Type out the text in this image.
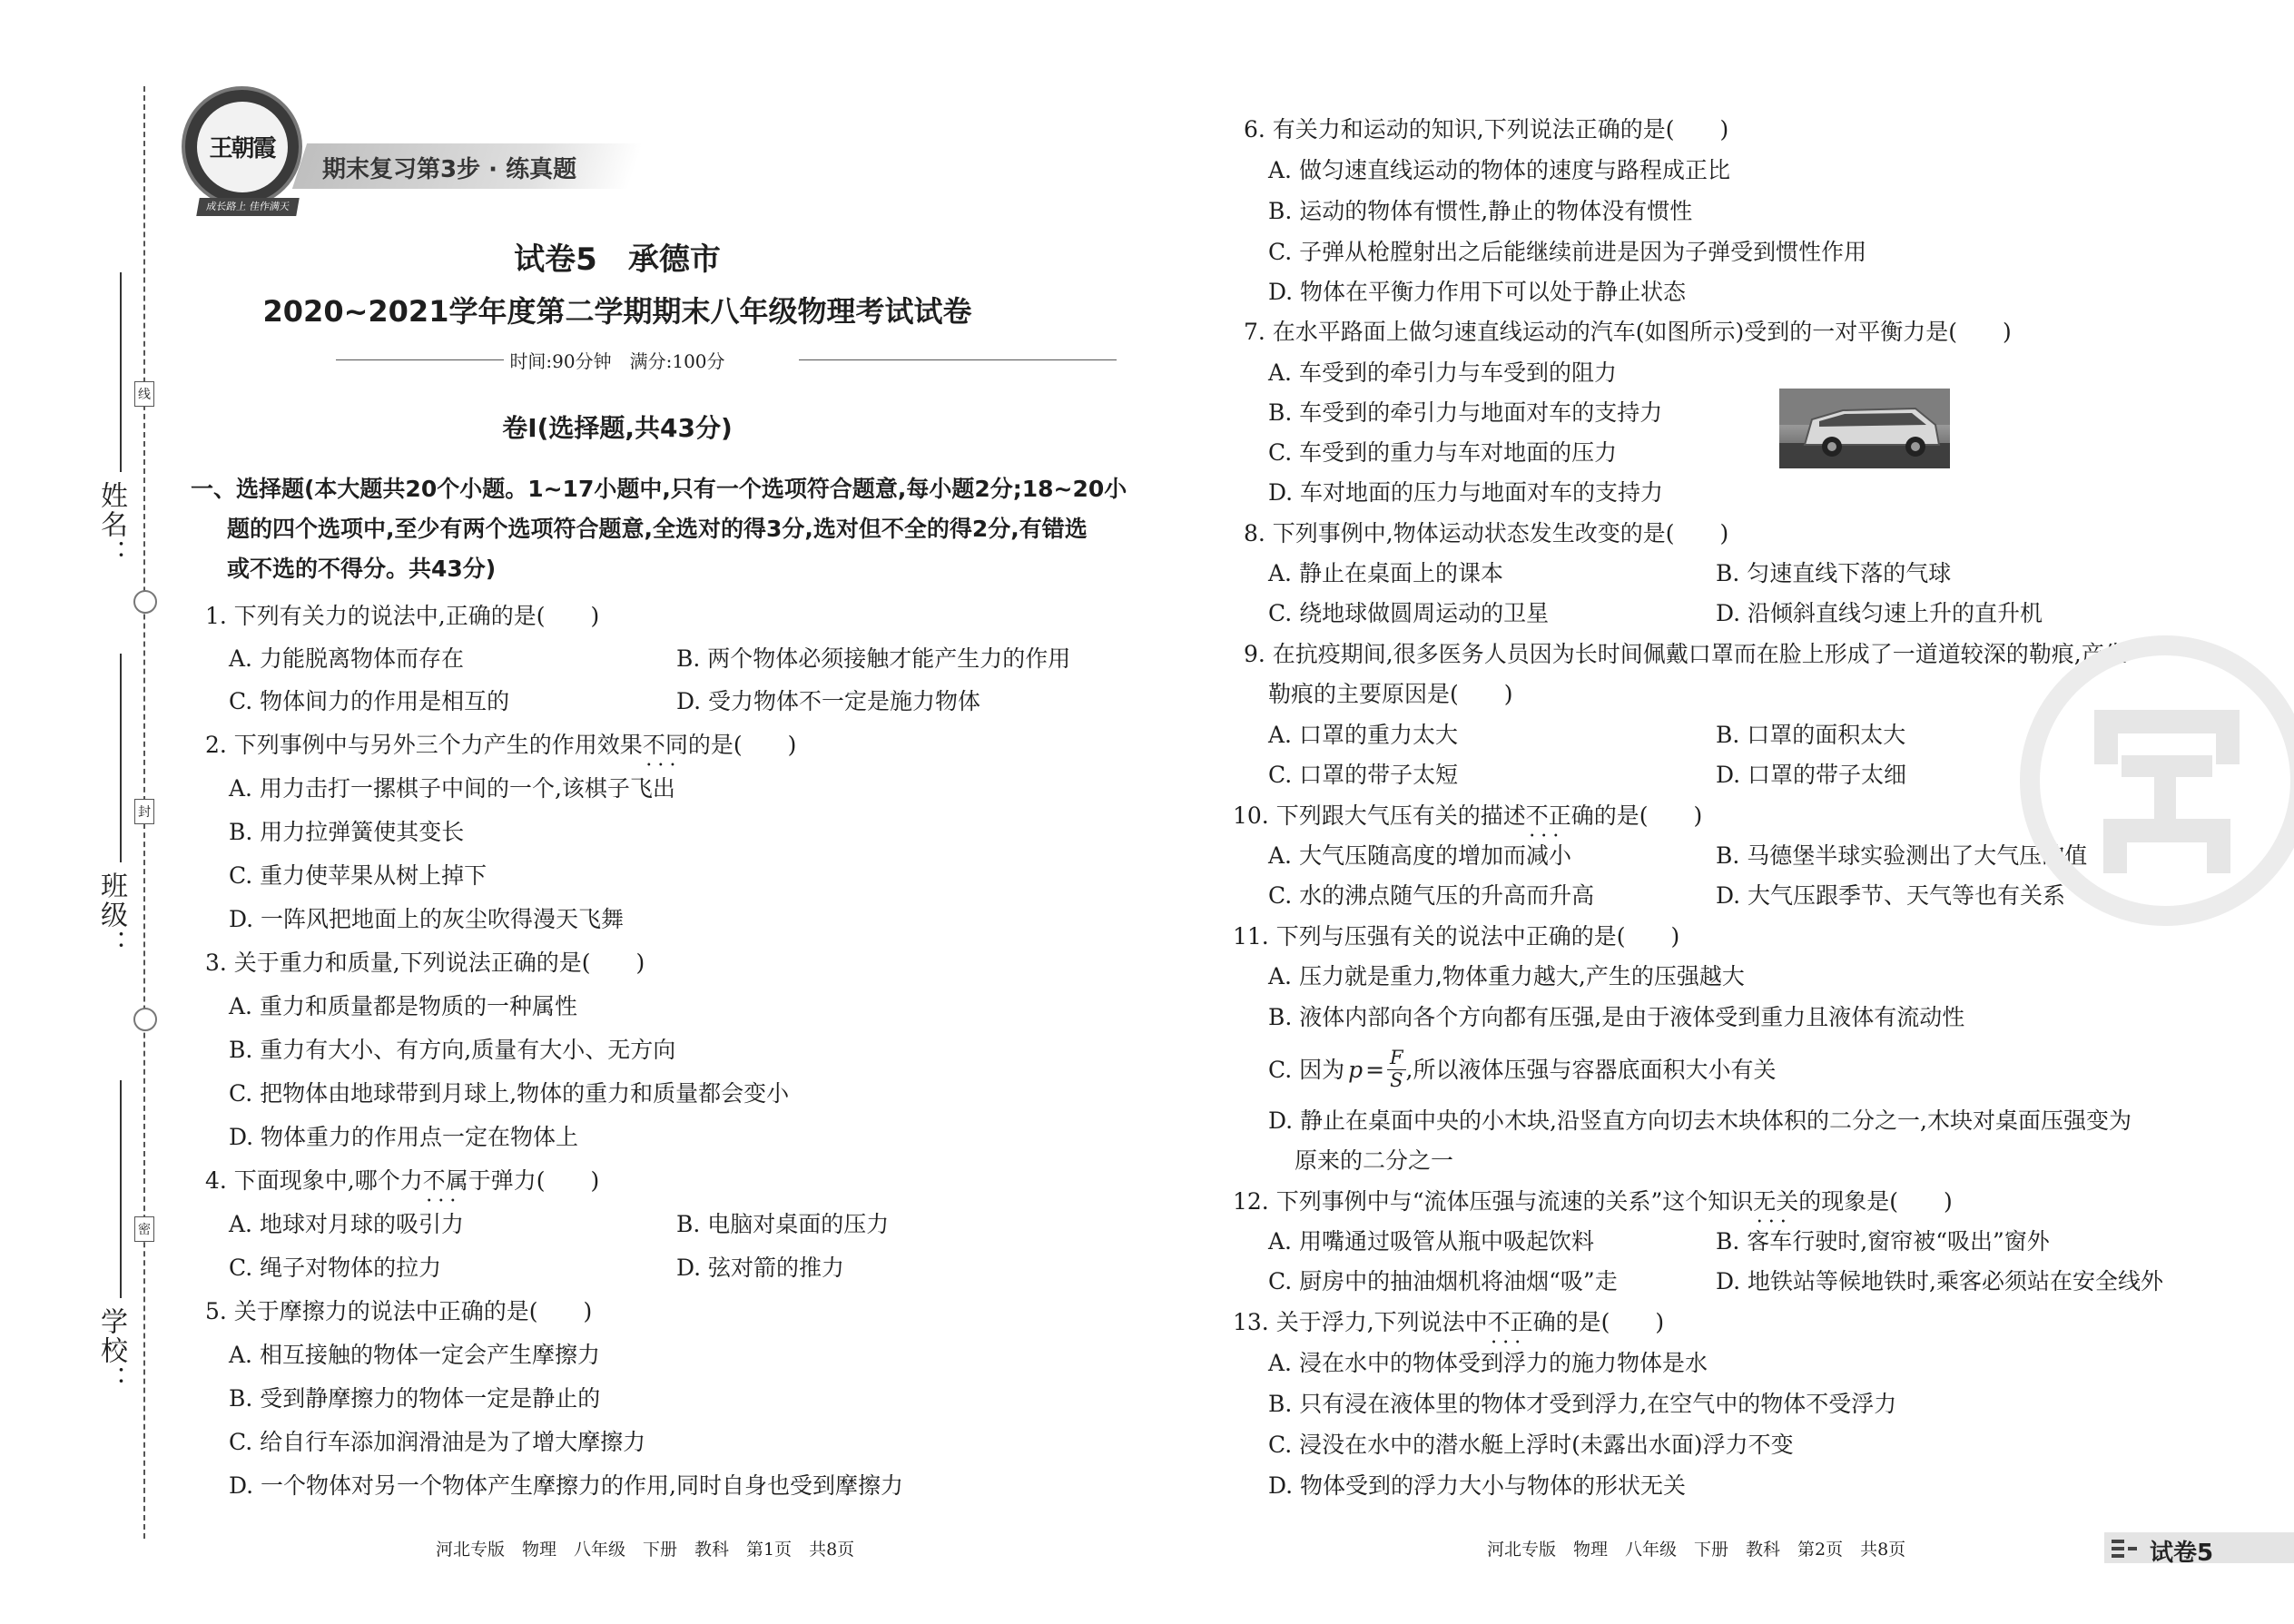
线
封
密
姓名：
班级：
学校：
王朝霞
成长路上 佳作满天
期末复习第3步 · 练真题
试卷5　承德市
2020~2021学年度第二学期期末八年级物理考试试卷
时间:90分钟　满分:100分
卷Ⅰ(选择题,共43分)
一、选择题(本大题共20个小题。1~17小题中,只有一个选项符合题意,每小题2分;18~20小
题的四个选项中,至少有两个选项符合题意,全选对的得3分,选对但不全的得2分,有错选
或不选的不得分。共43分)
1. 下列有关力的说法中,正确的是(　　)
A. 力能脱离物体而存在	B. 两个物体必须接触才能产生力的作用
C. 物体间力的作用是相互的	D. 受力物体不一定是施力物体
2. 下列事例中与另外三个力产生的作用效果不同 • • •的是(　　)
A. 用力击打一摞棋子中间的一个,该棋子飞出
B. 用力拉弹簧使其变长
C. 重力使苹果从树上掉下
D. 一阵风把地面上的灰尘吹得漫天飞舞
3. 关于重力和质量,下列说法正确的是(　　)
A. 重力和质量都是物质的一种属性
B. 重力有大小、有方向,质量有大小、无方向
C. 把物体由地球带到月球上,物体的重力和质量都会变小
D. 物体重力的作用点一定在物体上
4. 下面现象中,哪个力不属于 • • •弹力(　　)
A. 地球对月球的吸引力	B. 电脑对桌面的压力
C. 绳子对物体的拉力	D. 弦对箭的推力
5. 关于摩擦力的说法中正确的是(　　)
A. 相互接触的物体一定会产生摩擦力
B. 受到静摩擦力的物体一定是静止的
C. 给自行车添加润滑油是为了增大摩擦力
D. 一个物体对另一个物体产生摩擦力的作用,同时自身也受到摩擦力
6. 有关力和运动的知识,下列说法正确的是(　　)
A. 做匀速直线运动的物体的速度与路程成正比
B. 运动的物体有惯性,静止的物体没有惯性
C. 子弹从枪膛射出之后能继续前进是因为子弹受到惯性作用
D. 物体在平衡力作用下可以处于静止状态
7. 在水平路面上做匀速直线运动的汽车(如图所示)受到的一对平衡力是(　　)
A. 车受到的牵引力与车受到的阻力
B. 车受到的牵引力与地面对车的支持力
C. 车受到的重力与车对地面的压力
D. 车对地面的压力与地面对车的支持力
8. 下列事例中,物体运动状态发生改变的是(　　)
A. 静止在桌面上的课本	B. 匀速直线下落的气球
C. 绕地球做圆周运动的卫星	D. 沿倾斜直线匀速上升的直升机
9. 在抗疫期间,很多医务人员因为长时间佩戴口罩而在脸上形成了一道道较深的勒痕,产生
勒痕的主要原因是(　　)
A. 口罩的重力太大	B. 口罩的面积太大
C. 口罩的带子太短	D. 口罩的带子太细
10. 下列跟大气压有关的描述不正确 • • •的是(　　)
A. 大气压随高度的增加而减小	B. 马德堡半球实验测出了大气压的值
C. 水的沸点随气压的升高而升高	D. 大气压跟季节、天气等也有关系
11. 下列与压强有关的说法中正确的是(　　)
A. 压力就是重力,物体重力越大,产生的压强越大
B. 液体内部向各个方向都有压强,是由于液体受到重力且液体有流动性
C. 因为 $p = \frac{F}{S}$ ,所以液体压强与容器底面积大小有关
D. 静止在桌面中央的小木块,沿竖直方向切去木块体积的二分之一,木块对桌面压强变为
原来的二分之一
12. 下列事例中与“流体压强与流速的关系”这个知识无关 • • •的现象是(　　)
A. 用嘴通过吸管从瓶中吸起饮料	B. 客车行驶时,窗帘被“吸出”窗外
C. 厨房中的抽油烟机将油烟“吸”走	D. 地铁站等候地铁时,乘客必须站在安全线外
13. 关于浮力,下列说法中不正确 • • •的是(　　)
A. 浸在水中的物体受到浮力的施力物体是水
B. 只有浸在液体里的物体才受到浮力,在空气中的物体不受浮力
C. 浸没在水中的潜水艇上浮时(未露出水面)浮力不变
D. 物体受到的浮力大小与物体的形状无关
河北专版　物理　八年级　下册　教科　第1页　共8页	河北专版　物理　八年级　下册　教科　第2页　共8页	试卷5
